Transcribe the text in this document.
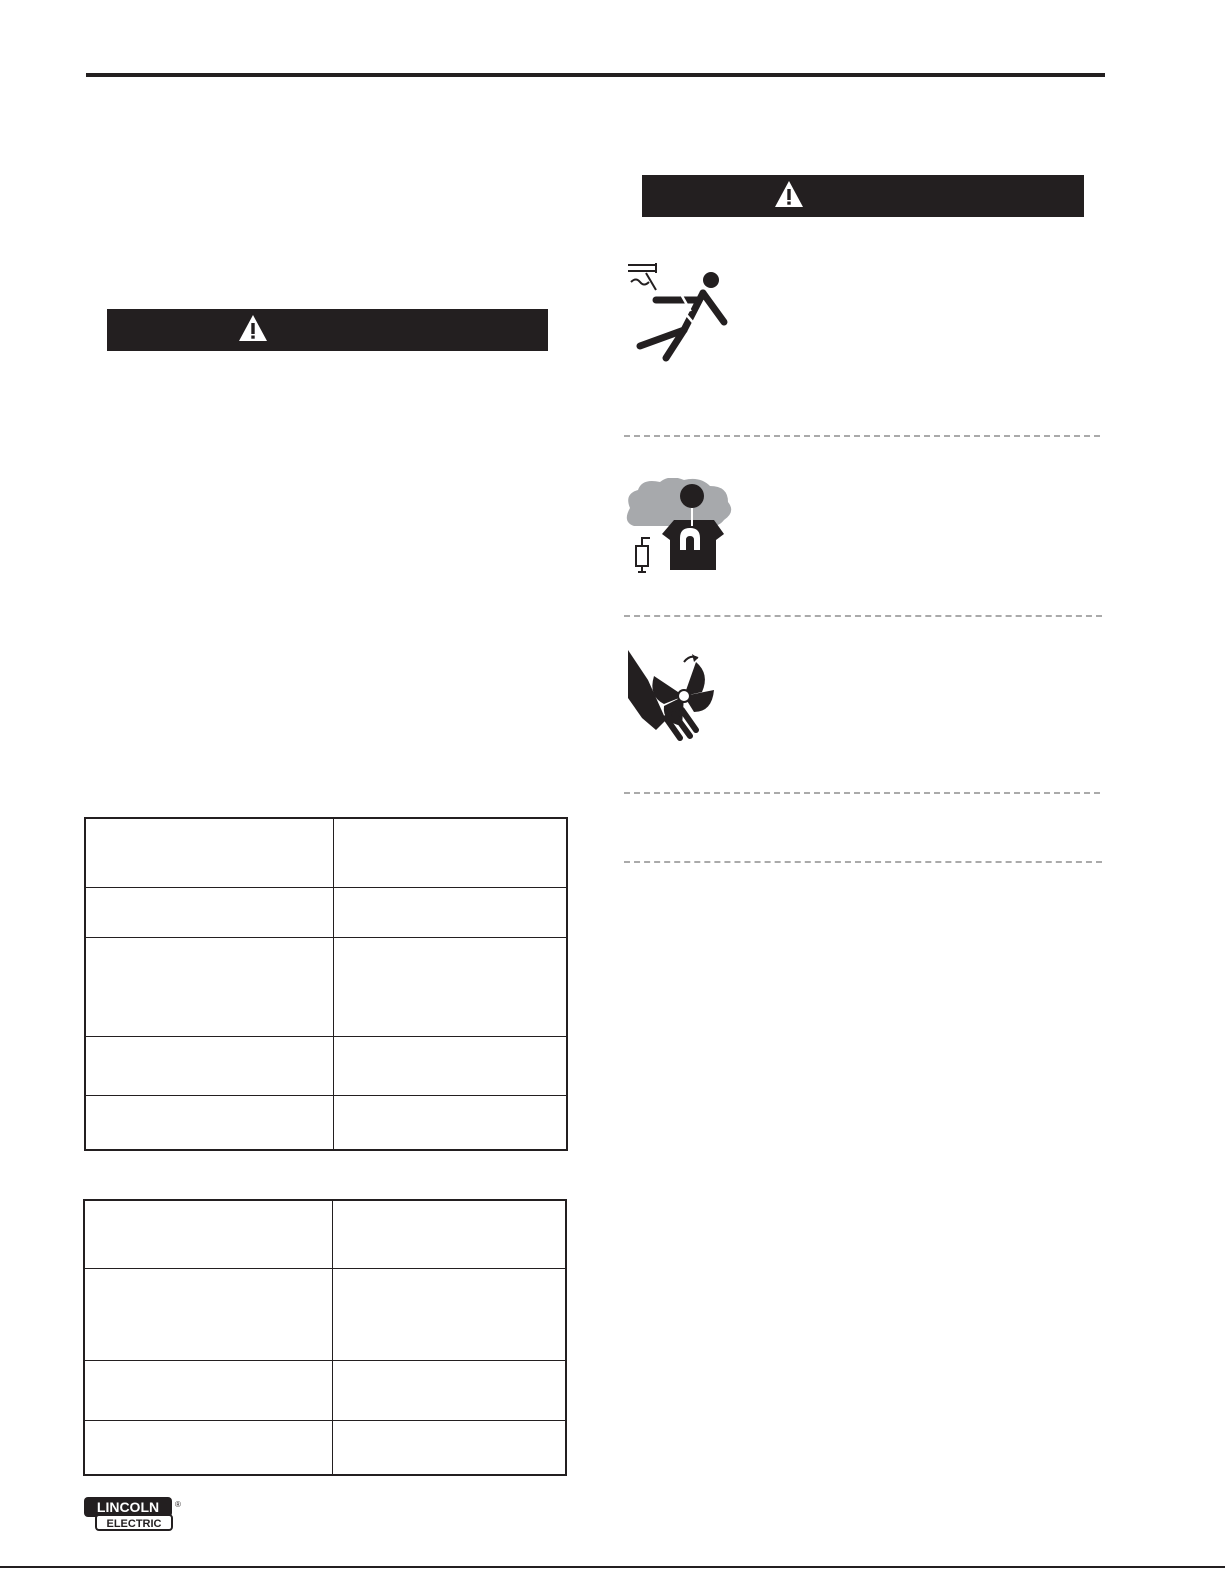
LINCOLN
ELECTRIC
®
